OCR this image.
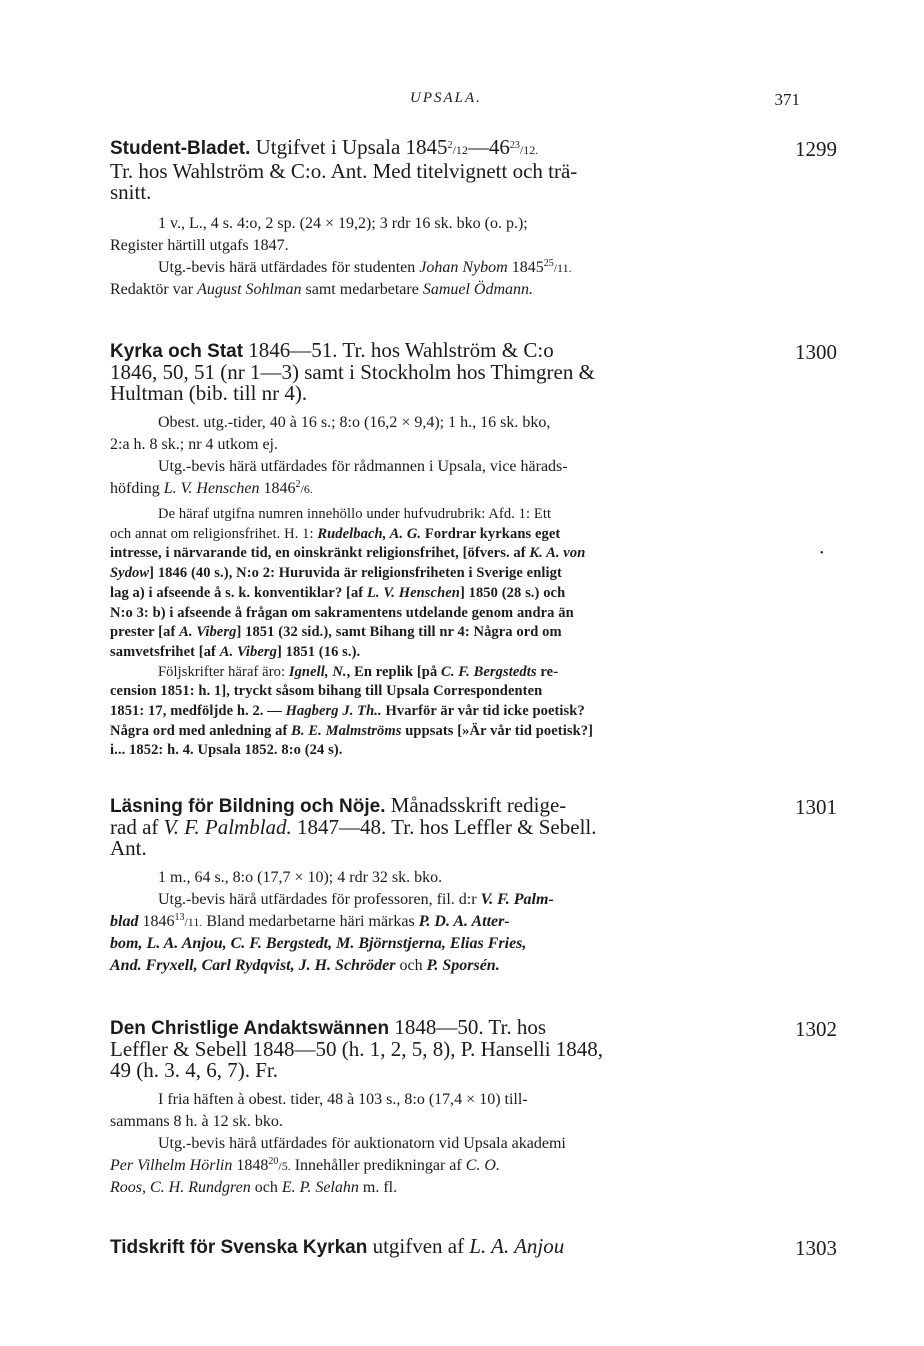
UPSALA.	371
1299

Student-Bladet. Utgifvet i Upsala $1845^2/12—46^{23}/12$.

Tr. hos Wahlström & C:o. Ant. Med titelvignett och trä-

snitt.

1 v., L., 4 s. 4:o, 2 sp. (24 × 19,2); 3 rdr 16 sk. bko (o. p.);

Register härtill utgafs 1847.

Utg.-bevis härä utfärdades för studenten Johan Nybom 1845$^{25}$/11.

Redaktör var August Sohlman samt medarbetare Samuel Ödmann.

1300

Kyrka och Stat 1846—51. Tr. hos Wahlström & C:o

1846, 50, 51 (nr 1—3) samt i Stockholm hos Thimgren &

Hultman (bib. till nr 4).

Obest. utg.-tider, 40 à 16 s.; 8:o (16,2 × 9,4); 1 h., 16 sk. bko,

2:a h. 8 sk.; nr 4 utkom ej.

Utg.-bevis härä utfärdades för rådmannen i Upsala, vice härads-

höfding L. V. Henschen 1846$^2$/6.

De häraf utgifna numren innehöllo under hufvudrubrik: Afd. 1: Ett

och annat om religionsfrihet. H. 1: Rudelbach, A. G. Fordrar kyrkans eget

intresse, i närvarande tid, en oinskränkt religionsfrihet, [öfvers. af K. A. von

Sydow] 1846 (40 s.), N:o 2: Huruvida är religionsfriheten i Sverige enligt

lag a) i afseende å s. k. konventiklar? [af L. V. Henschen] 1850 (28 s.) och

N:o 3: b) i afseende å frågan om sakramentens utdelande genom andra än

prester [af A. Viberg] 1851 (32 sid.), samt Bihang till nr 4: Några ord om

samvetsfrihet [af A. Viberg] 1851 (16 s.).

Följskrifter häraf äro: Ignell, N., En replik [på C. F. Bergstedts re-

cension 1851: h. 1], tryckt såsom bihang till Upsala Correspondenten

1851: 17, medföljde h. 2. — Hagberg J. Th.. Hvarför är vår tid icke poetisk?

Några ord med anledning af B. E. Malmströms uppsats [»Är vår tid poetisk?]

i... 1852: h. 4. Upsala 1852. 8:o (24 s).

•
1301

Läsning för Bildning och Nöje. Månadsskrift redige-

rad af V. F. Palmblad. 1847—48. Tr. hos Leffler & Sebell.

Ant.

1 m., 64 s., 8:o (17,7 × 10); 4 rdr 32 sk. bko.

Utg.-bevis härå utfärdades för professoren, fil. d:r V. F. Palm-

blad 1846$^{13}$/11. Bland medarbetarne häri märkas P. D. A. Atter-

bom, L. A. Anjou, C. F. Bergstedt, M. Björnstjerna, Elias Fries,

And. Fryxell, Carl Rydqvist, J. H. Schröder och P. Sporsén.

1302

Den Christlige Andaktswännen 1848—50. Tr. hos

Leffler & Sebell 1848—50 (h. 1, 2, 5, 8), P. Hanselli 1848,

49 (h. 3. 4, 6, 7). Fr.

I fria häften à obest. tider, 48 à 103 s., 8:o (17,4 × 10) till-

sammans 8 h. à 12 sk. bko.

Utg.-bevis härå utfärdades för auktionatorn vid Upsala akademi

Per Vilhelm Hörlin 1848$^{20}$/5. Innehåller predikningar af C. O.

Roos, C. H. Rundgren och E. P. Selahn m. fl.

1303

Tidskrift för Svenska Kyrkan utgifven af L. A. Anjou
